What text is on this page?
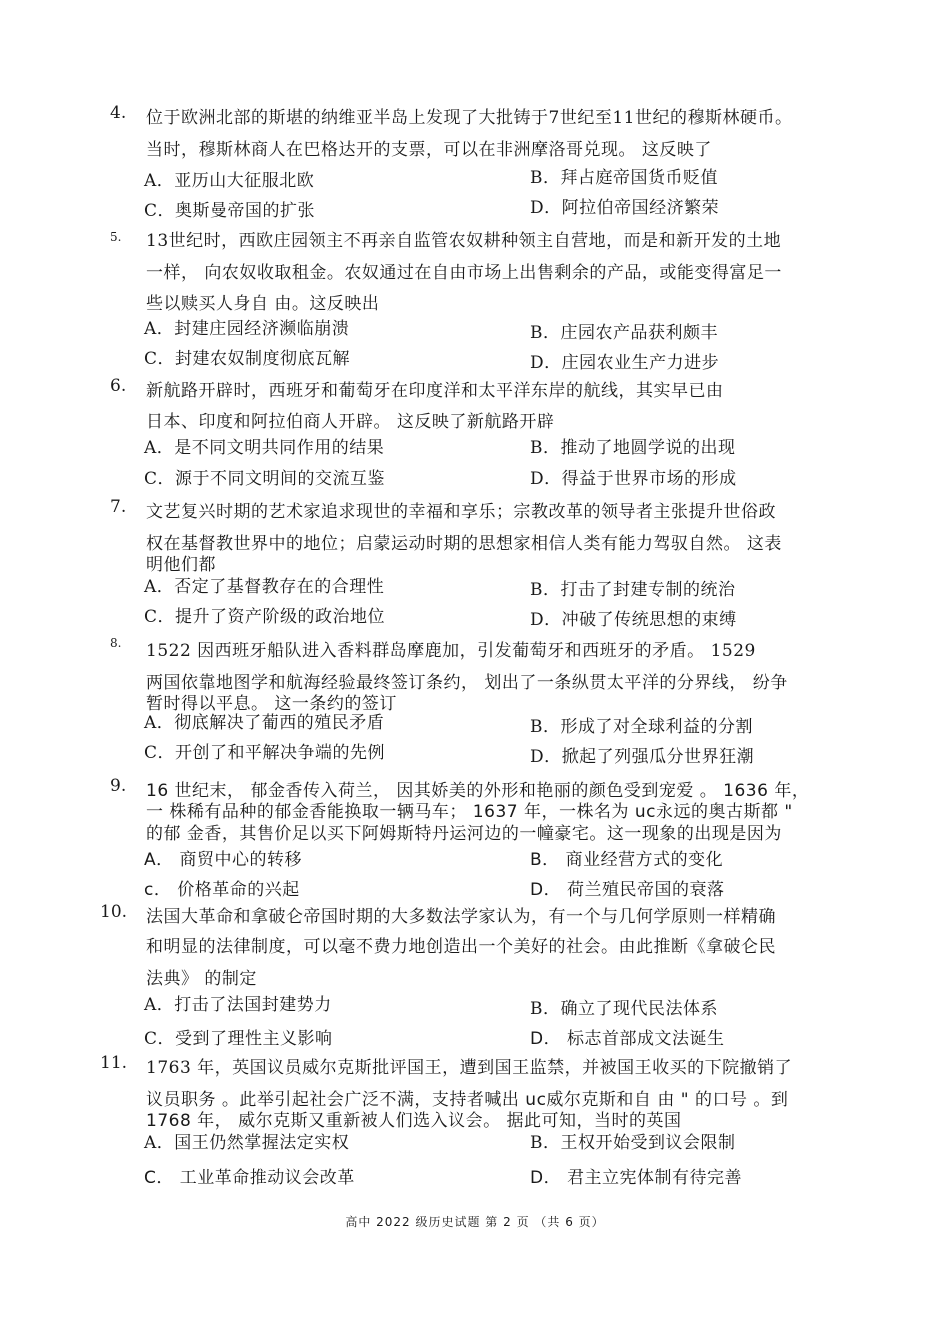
4. 位于欧洲北部的斯堪的纳维亚半岛上发现了大批铸于7世纪至11世纪的穆斯林硬币。
当时，穆斯林商人在巴格达开的支票，可以在非洲摩洛哥兑现。 这反映了
A．亚历山大征服北欧	B．拜占庭帝国货币贬值
C．奥斯曼帝国的扩张	D．阿拉伯帝国经济繁荣
5. 13世纪时，西欧庄园领主不再亲自监管农奴耕种领主自营地，而是和新开发的土地
一样， 向农奴收取租金。农奴通过在自由市场上出售剩余的产品，或能变得富足一
些以赎买人身自 由。这反映出
A．封建庄园经济濒临崩溃	B．庄园农产品获利颇丰
C．封建农奴制度彻底瓦解	D．庄园农业生产力进步
6. 新航路开辟时，西班牙和葡萄牙在印度洋和太平洋东岸的航线，其实早已由
日本、印度和阿拉伯商人开辟。 这反映了新航路开辟
A．是不同文明共同作用的结果	B．推动了地圆学说的出现
C．源于不同文明间的交流互鉴	D．得益于世界市场的形成
7. 文艺复兴时期的艺术家追求现世的幸福和享乐；宗教改革的领导者主张提升世俗政
权在基督教世界中的地位；启蒙运动时期的思想家相信人类有能力驾驭自然。 这表
明他们都
A．否定了基督教存在的合理性	B．打击了封建专制的统治
C．提升了资产阶级的政治地位	D．冲破了传统思想的束缚
8. 1522 因西班牙船队进入香料群岛摩鹿加，引发葡萄牙和西班牙的矛盾。 1529
两国依靠地图学和航海经验最终签订条约， 划出了一条纵贯太平洋的分界线， 纷争
暂时得以平息。 这一条约的签订
A．彻底解决了葡西的殖民矛盾	B．形成了对全球利益的分割
C．开创了和平解决争端的先例	D．掀起了列强瓜分世界狂潮
9. 16 世纪末， 郁金香传入荷兰， 因其娇美的外形和艳丽的颜色受到宠爱 。 1636 年，
一 株稀有品种的郁金香能换取一辆马车； 1637 年，一株名为 uc永远的奥古斯都 "
的郁 金香，其售价足以买下阿姆斯特丹运河边的一幢豪宅。这一现象的出现是因为
A． 商贸中心的转移	B． 商业经营方式的变化
c． 价格革命的兴起	D． 荷兰殖民帝国的衰落
10. 法国大革命和拿破仑帝国时期的大多数法学家认为，有一个与几何学原则一样精确
和明显的法律制度，可以毫不费力地创造出一个美好的社会。由此推断《拿破仑民
法典》 的制定
A．打击了法国封建势力	B．确立了现代民法体系
C．受到了理性主义影响	D． 标志首部成文法诞生
11. 1763 年，英国议员威尔克斯批评国王，遭到国王监禁，并被国王收买的下院撤销了
议员职务 。此举引起社会广泛不满，支持者喊出 uc威尔克斯和自 由 " 的口号 。到
1768 年， 威尔克斯又重新被人们选入议会。 据此可知，当时的英国
A．国王仍然掌握法定实权	B．王权开始受到议会限制
C． 工业革命推动议会改革	D． 君主立宪体制有待完善
高中 2022 级历史试题 第 2 页 （共 6 页）
